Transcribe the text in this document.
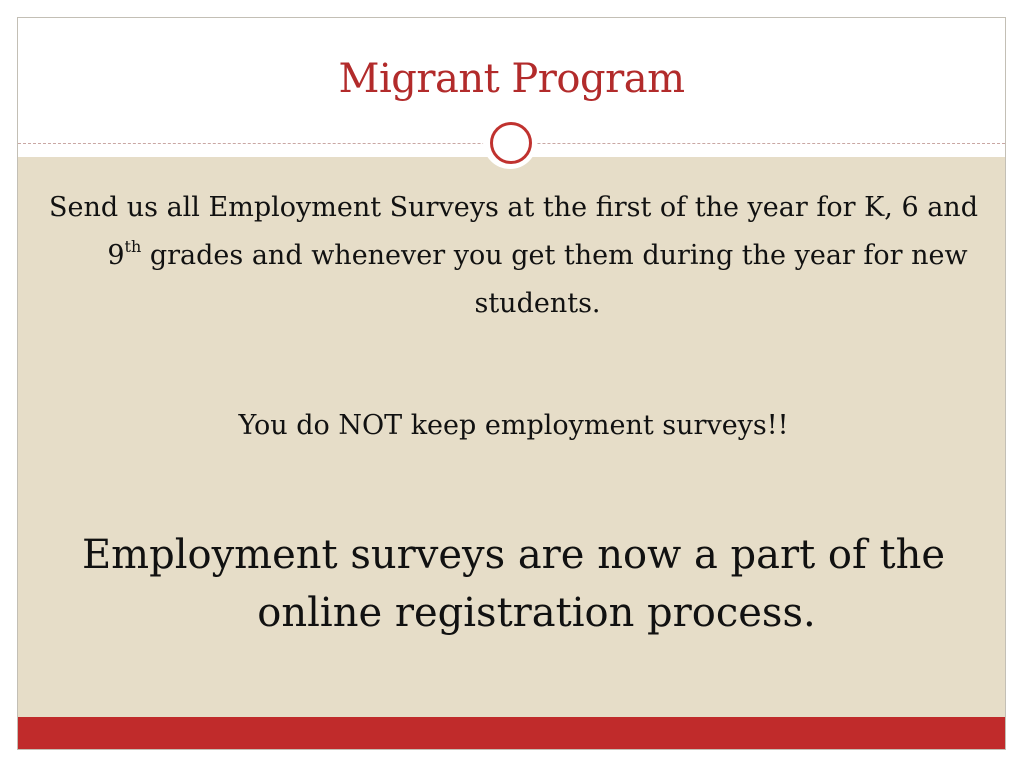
Migrant Program
Send us all Employment Surveys at the first of the year for K, 6 and 9th grades and whenever you get them during the year for new students.
You do NOT keep employment surveys!!
Employment surveys are now a part of the online registration process.
